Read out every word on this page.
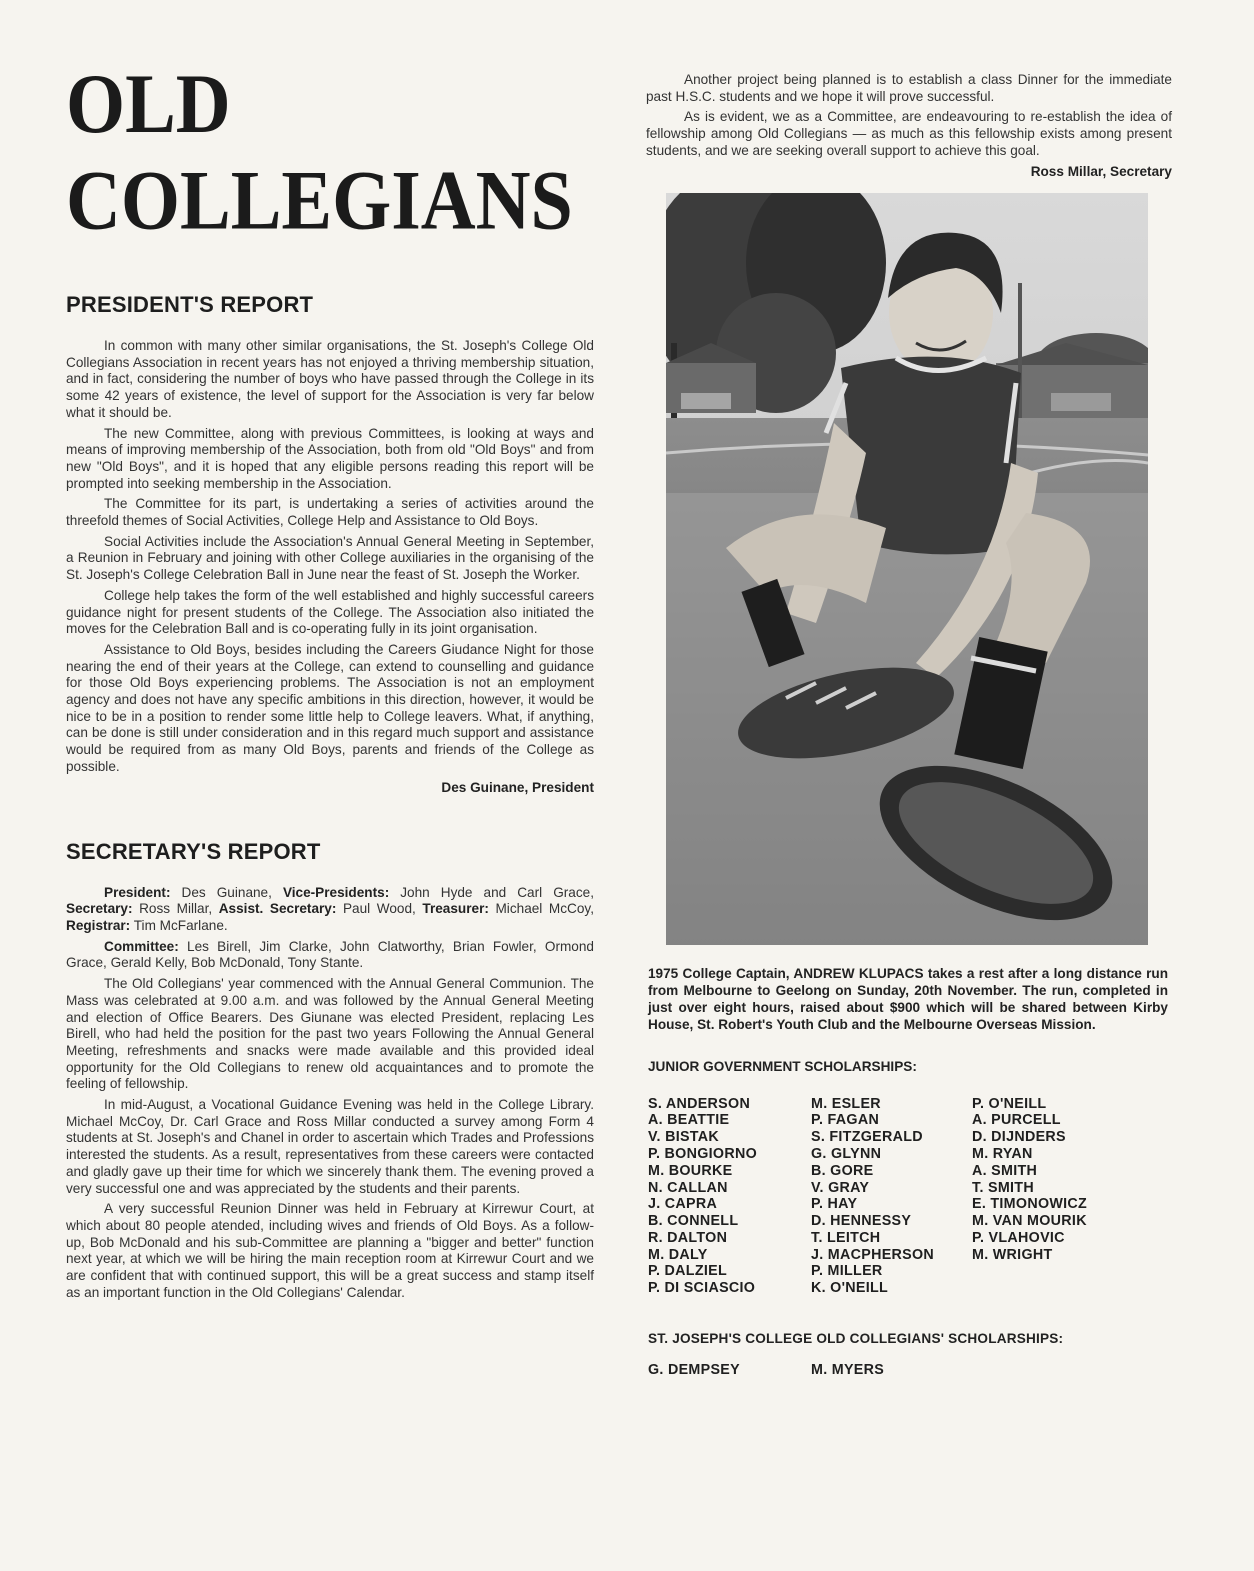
OLD COLLEGIANS
PRESIDENT'S REPORT

In common with many other similar organisations, the St. Joseph's College Old Collegians Association in recent years has not enjoyed a thriving membership situation, and in fact, considering the number of boys who have passed through the College in its some 42 years of existence, the level of support for the Association is very far below what it should be.

The new Committee, along with previous Committees, is looking at ways and means of improving membership of the Association, both from old "Old Boys" and from new "Old Boys", and it is hoped that any eligible persons reading this report will be prompted into seeking membership in the Association.

The Committee for its part, is undertaking a series of activities around the threefold themes of Social Activities, College Help and Assistance to Old Boys.

Social Activities include the Association's Annual General Meeting in September, a Reunion in February and joining with other College auxiliaries in the organising of the St. Joseph's College Celebration Ball in June near the feast of St. Joseph the Worker.

College help takes the form of the well established and highly successful careers guidance night for present students of the College. The Association also initiated the moves for the Celebration Ball and is co-operating fully in its joint organisation.

Assistance to Old Boys, besides including the Careers Giudance Night for those nearing the end of their years at the College, can extend to counselling and guidance for those Old Boys experiencing problems. The Association is not an employment agency and does not have any specific ambitions in this direction, however, it would be nice to be in a position to render some little help to College leavers. What, if anything, can be done is still under consideration and in this regard much support and assistance would be required from as many Old Boys, parents and friends of the College as possible.

Des Guinane, President
SECRETARY'S REPORT

President: Des Guinane, Vice-Presidents: John Hyde and Carl Grace, Secretary: Ross Millar, Assist. Secretary: Paul Wood, Treasurer: Michael McCoy, Registrar: Tim McFarlane.

Committee: Les Birell, Jim Clarke, John Clatworthy, Brian Fowler, Ormond Grace, Gerald Kelly, Bob McDonald, Tony Stante.

The Old Collegians' year commenced with the Annual General Communion. The Mass was celebrated at 9.00 a.m. and was followed by the Annual General Meeting and election of Office Bearers. Des Giunane was elected President, replacing Les Birell, who had held the position for the past two years Following the Annual General Meeting, refreshments and snacks were made available and this provided ideal opportunity for the Old Collegians to renew old acquaintances and to promote the feeling of fellowship.

In mid-August, a Vocational Guidance Evening was held in the College Library. Michael McCoy, Dr. Carl Grace and Ross Millar conducted a survey among Form 4 students at St. Joseph's and Chanel in order to ascertain which Trades and Professions interested the students. As a result, representatives from these careers were contacted and gladly gave up their time for which we sincerely thank them. The evening proved a very successful one and was appreciated by the students and their parents.

A very successful Reunion Dinner was held in February at Kirrewur Court, at which about 80 people atended, including wives and friends of Old Boys. As a follow-up, Bob McDonald and his sub-Committee are planning a "bigger and better" function next year, at which we will be hiring the main reception room at Kirrewur Court and we are confident that with continued support, this will be a great success and stamp itself as an important function in the Old Collegians' Calendar.

Another project being planned is to establish a class Dinner for the immediate past H.S.C. students and we hope it will prove successful.

As is evident, we as a Committee, are endeavouring to re-establish the idea of fellowship among Old Collegians — as much as this fellowship exists among present students, and we are seeking overall support to achieve this goal.

Ross Millar, Secretary
1975 College Captain, ANDREW KLUPACS takes a rest after a long distance run from Melbourne to Geelong on Sunday, 20th November. The run, completed in just over eight hours, raised about $900 which will be shared between Kirby House, St. Robert's Youth Club and the Melbourne Overseas Mission.
JUNIOR GOVERNMENT SCHOLARSHIPS:
S. ANDERSON
A. BEATTIE
V. BISTAK
P. BONGIORNO
M. BOURKE
N. CALLAN
J. CAPRA
B. CONNELL
R. DALTON
M. DALY
P. DALZIEL
P. DI SCIASCIO
M. ESLER
P. FAGAN
S. FITZGERALD
G. GLYNN
B. GORE
V. GRAY
P. HAY
D. HENNESSY
T. LEITCH
J. MACPHERSON
P. MILLER
K. O'NEILL
P. O'NEILL
A. PURCELL
D. DIJNDERS
M. RYAN
A. SMITH
T. SMITH
E. TIMONOWICZ
M. VAN MOURIK
P. VLAHOVIC
M. WRIGHT
ST. JOSEPH'S COLLEGE OLD COLLEGIANS' SCHOLARSHIPS:
G. DEMPSEY	M. MYERS
